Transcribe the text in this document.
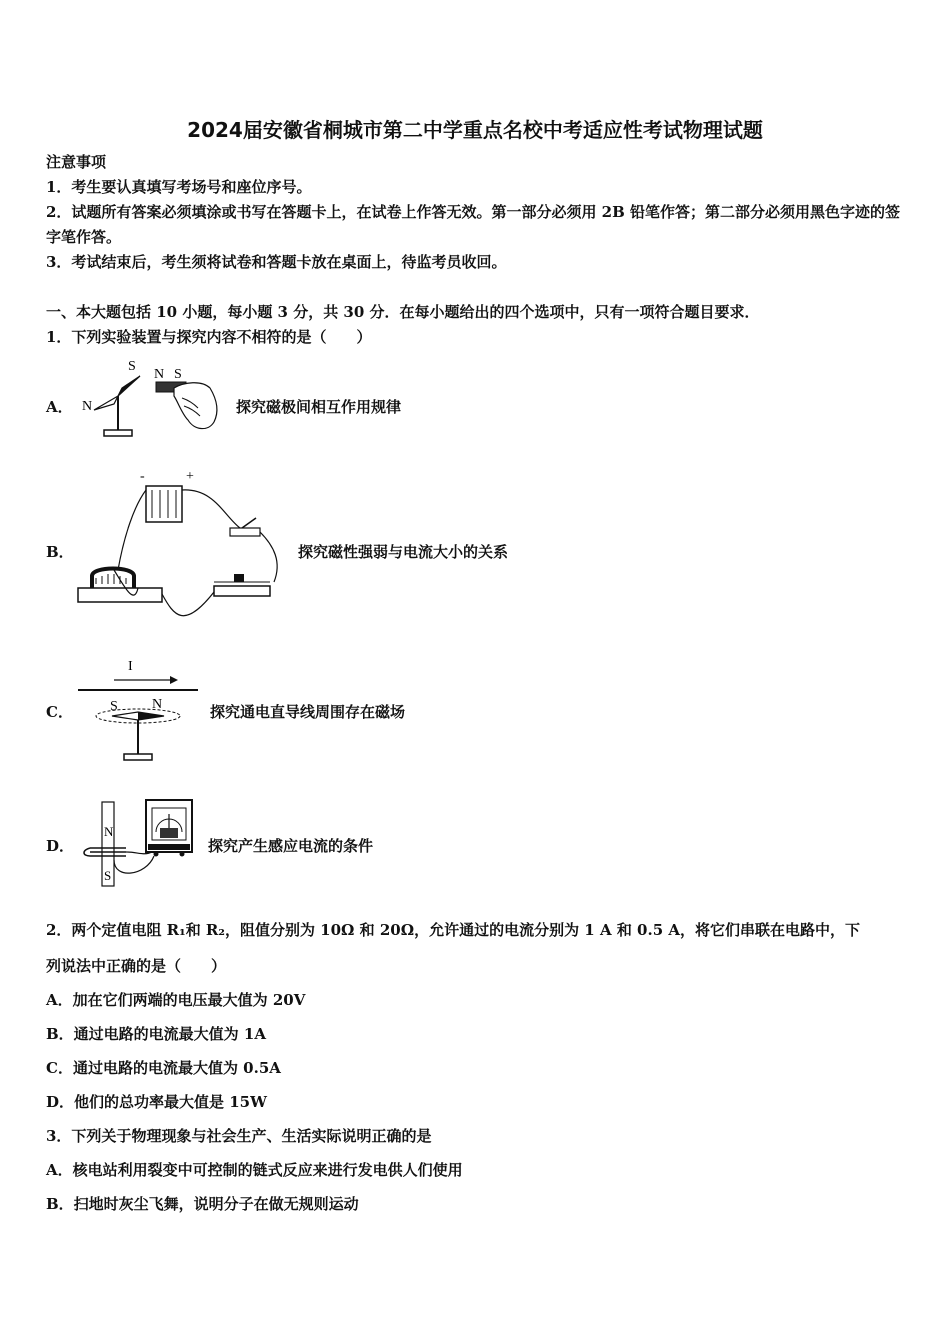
2024届安徽省桐城市第二中学重点名校中考适应性考试物理试题
注意事项
1．考生要认真填写考场号和座位序号。
2．试题所有答案必须填涂或书写在答题卡上，在试卷上作答无效。第一部分必须用 2B 铅笔作答；第二部分必须用黑色字迹的签字笔作答。
3．考试结束后，考生须将试卷和答题卡放在桌面上，待监考员收回。
一、本大题包括 10 小题，每小题 3 分，共 30 分．在每小题给出的四个选项中，只有一项符合题目要求．
1．下列实验装置与探究内容不相符的是（　　）
A． N
S
N S
探究磁极间相互作用规律
B．
-	+
探究磁性强弱与电流大小的关系
C．
I
S N	探究通电直导线周围存在磁场
D．
N
S
探究产生感应电流的条件
2．两个定值电阻 R₁和 R₂，阻值分别为 10Ω 和 20Ω，允许通过的电流分别为 1 A 和 0.5 A，将它们串联在电路中，下
列说法中正确的是（　　）
A．加在它们两端的电压最大值为 20V
B．通过电路的电流最大值为 1A
C．通过电路的电流最大值为 0.5A
D．他们的总功率最大值是 15W
3．下列关于物理现象与社会生产、生活实际说明正确的是
A．核电站利用裂变中可控制的链式反应来进行发电供人们使用
B．扫地时灰尘飞舞，说明分子在做无规则运动
